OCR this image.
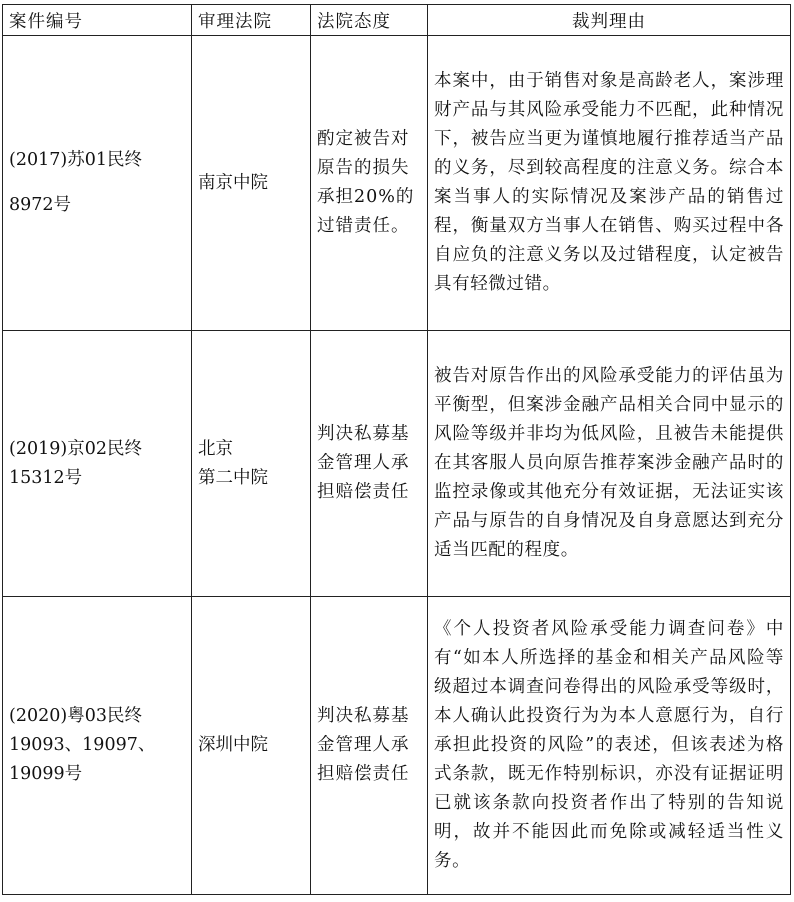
案件编号	审理法院	法院态度	裁判理由

(2017)苏01民终
8972号	南京中院	酌定被告对原告的损失承担20%的过错责任。	本案中，由于销售对象是高龄老人，案涉理财产品与其风险承受能力不匹配，此种情况下，被告应当更为谨慎地履行推荐适当产品的义务，尽到较高程度的注意义务。综合本案当事人的实际情况及案涉产品的销售过程，衡量双方当事人在销售、购买过程中各自应负的注意义务以及过错程度，认定被告具有轻微过错。

(2019)京02民终
15312号	北京
第二中院	判决私募基金管理人承担赔偿责任	被告对原告作出的风险承受能力的评估虽为平衡型，但案涉金融产品相关合同中显示的风险等级并非均为低风险，且被告未能提供在其客服人员向原告推荐案涉金融产品时的监控录像或其他充分有效证据，无法证实该产品与原告的自身情况及自身意愿达到充分适当匹配的程度。

(2020)粤03民终
19093、19097、
19099号	深圳中院	判决私募基金管理人承担赔偿责任	《个人投资者风险承受能力调查问卷》中有“如本人所选择的基金和相关产品风险等级超过本调查问卷得出的风险承受等级时，本人确认此投资行为为本人意愿行为，自行承担此投资的风险”的表述，但该表述为格式条款，既无作特别标识，亦没有证据证明已就该条款向投资者作出了特别的告知说明，故并不能因此而免除或减轻适当性义务。
